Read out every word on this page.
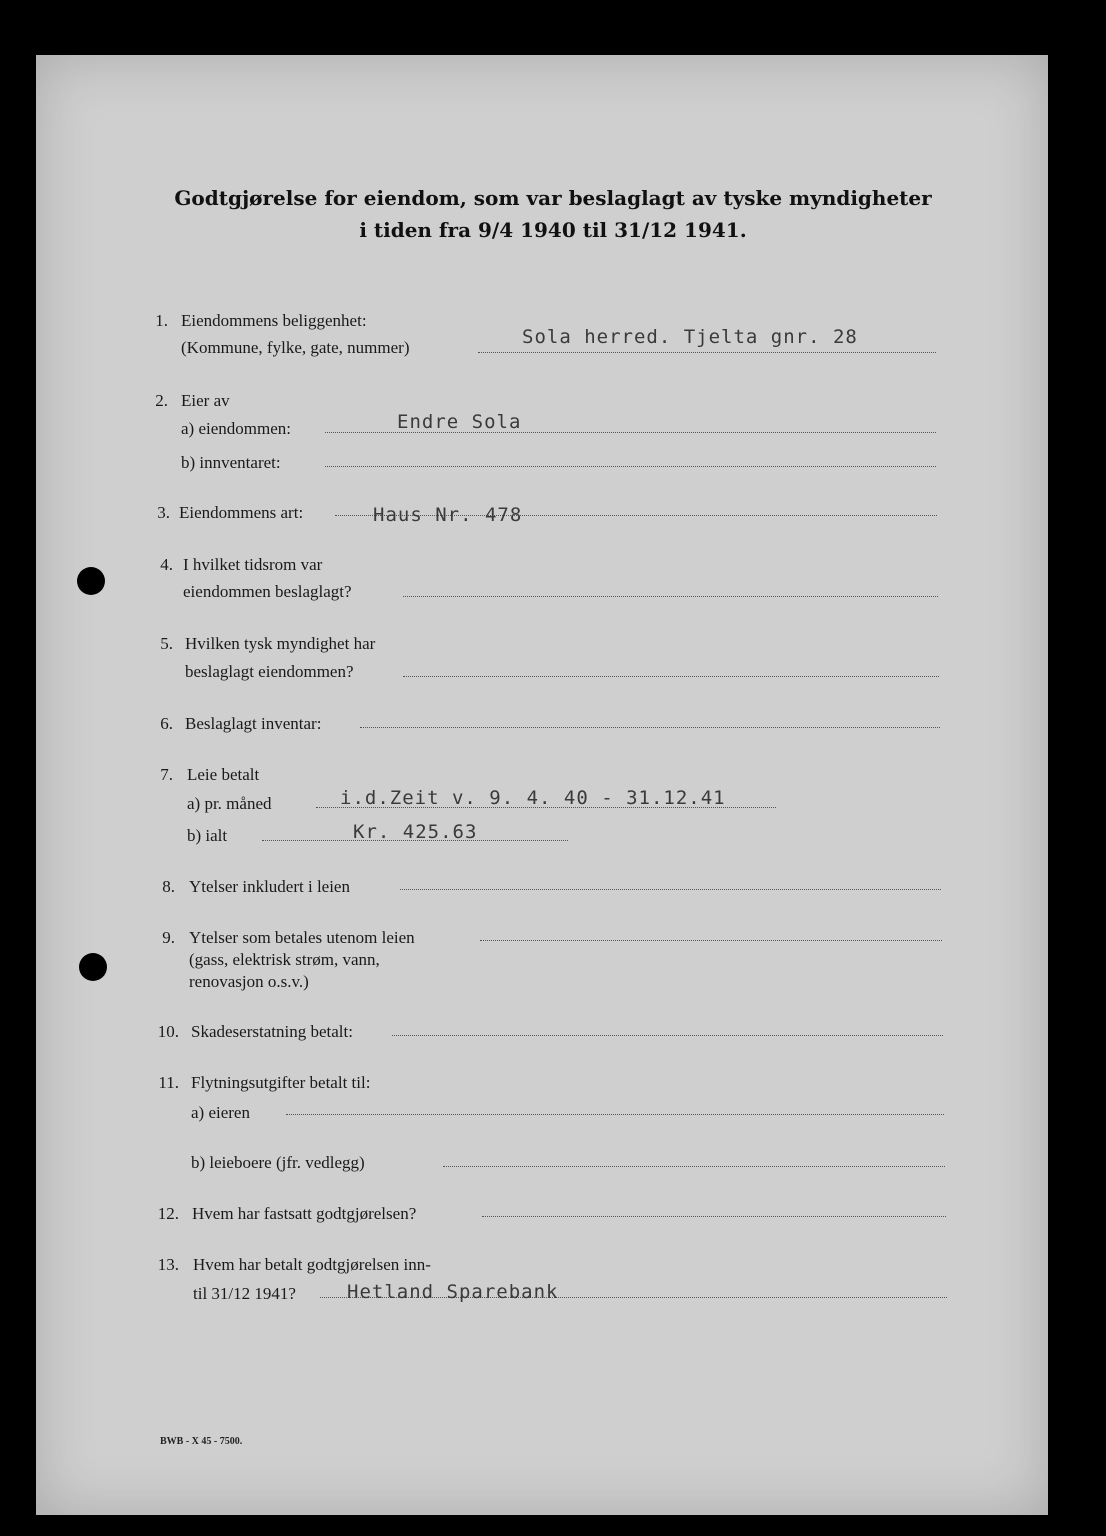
Godtgjørelse for eiendom, som var beslaglagt av tyske myndigheter
i tiden fra 9/4 1940 til 31/12 1941.
1. Eiendommens beliggenhet:
(Kommune, fylke, gate, nummer)	Sola herred. Tjelta gnr. 28
2. Eier av
a) eiendommen:	Endre Sola
b) innventaret:
3. Eiendommens art:	Haus Nr. 478
4. I hvilket tidsrom var
eiendommen beslaglagt?
5. Hvilken tysk myndighet har
beslaglagt eiendommen?
6. Beslaglagt inventar:
7. Leie betalt
a) pr. måned	i.d.Zeit v. 9. 4. 40 - 31.12.41
b) ialt	Kr. 425.63
8. Ytelser inkludert i leien
9. Ytelser som betales utenom leien
(gass, elektrisk strøm, vann,
renovasjon o.s.v.)
10. Skadeserstatning betalt:
11. Flytningsutgifter betalt til:
a) eieren
b) leieboere (jfr. vedlegg)
12. Hvem har fastsatt godtgjørelsen?
13. Hvem har betalt godtgjørelsen inn-
til 31/12 1941?	Hetland Sparebank
BWB - X 45 - 7500.
